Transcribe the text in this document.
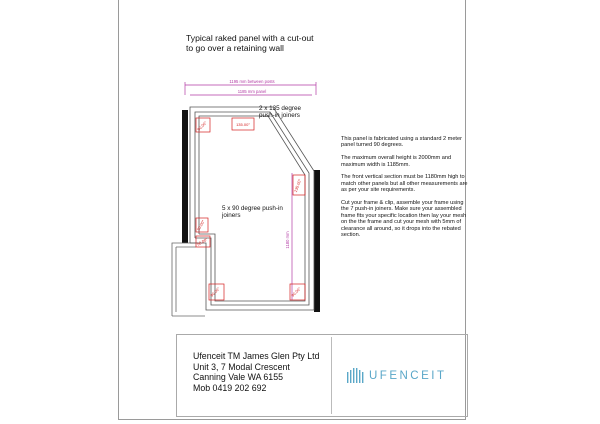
Typical raked panel with a cut-out
to go over a retaining wall
1195 mm between posts
1185 mm panel
1180 mm
90.00°	135.00°
135.00°
90.00°
90.00°
90.00°	90.00°
2 x 135 degree
push-in joiners
5 x 90 degree push-in
joiners

This panel is fabricated using a standard 2 meter panel turned 90 degrees.

The maximum overall height is 2000mm and maximum width is 1185mm.

The front vertical section must be 1180mm high to match other panels but all other measurements are as per your site requirements.

Cut your frame & clip, assemble your frame using the 7 push-in joiners. Make sure your assembled frame fits your specific location then lay your mesh on the the frame and cut your mesh with 5mm of clearance all around, so it drops into the rebated section.

Ufenceit TM James Glen Pty Ltd
Unit 3, 7 Modal Crescent
Canning Vale WA 6155
Mob 0419 202 692
UFENCEIT
